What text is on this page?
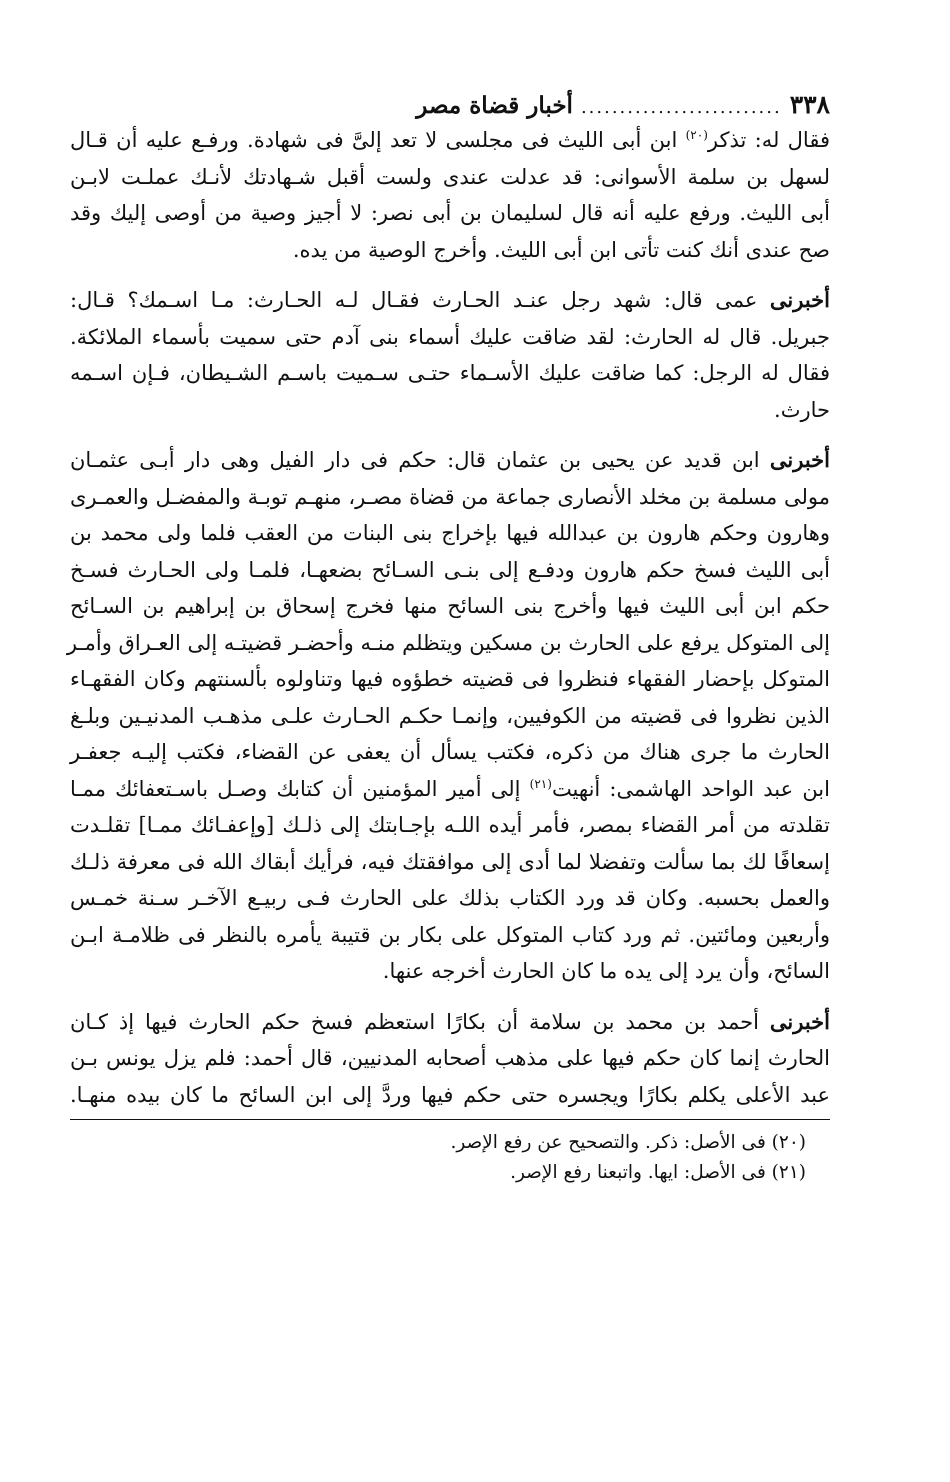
٣٣٨
..........................
أخبار قضاة مصر

فقال له: تذكر$^{(٢٠)}$ ابن أبى الليث فى مجلسى لا تعد إلىَّ فى شهادة. ورفـع عليه أن قـال
لسهل بن سلمة الأسوانى: قد عدلت عندى ولست أقبل شـهادتك لأنـك عملـت لابـن
أبى الليث. ورفع عليه أنه قال لسليمان بن أبى نصر: لا أجيز وصية من أوصى إليك وقد
صح عندى أنك كنت تأتى ابن أبى الليث. وأخرج الوصية من يده.

أخبرنى عمى قال: شهد رجل عنـد الحـارث فقـال لـه الحـارث: مـا اسـمك؟ قـال:
جبريل. قال له الحارث: لقد ضاقت عليك أسماء بنى آدم حتى سميت بأسماء الملائكة.
فقال له الرجل: كما ضاقت عليك الأسـماء حتـى سـميت باسـم الشـيطان، فـإن اسـمه
حارث.

أخبرنى ابن قديد عن يحيى بن عثمان قال: حكم فى دار الفيل وهى دار أبـى عثمـان
مولى مسلمة بن مخلد الأنصارى جماعة من قضاة مصـر، منهـم توبـة والمفضـل والعمـرى
وهارون وحكم هارون بن عبدالله فيها بإخراج بنى البنات من العقب فلما ولى محمد بن
أبى الليث فسخ حكم هارون ودفـع إلى بنـى السـائح بضعهـا، فلمـا ولى الحـارث فسـخ
حكم ابن أبى الليث فيها وأخرج بنى السائح منها فخرج إسحاق بن إبراهيم بن السـائح
إلى المتوكل يرفع على الحارث بن مسكين ويتظلم منـه وأحضـر قضيتـه إلى العـراق وأمـر
المتوكل بإحضار الفقهاء فنظروا فى قضيته خطؤوه فيها وتناولوه بألسنتهم وكان الفقهـاء
الذين نظروا فى قضيته من الكوفيين، وإنمـا حكـم الحـارث علـى مذهـب المدنيـين وبلـغ
الحارث ما جرى هناك من ذكره، فكتب يسأل أن يعفى عن القضاء، فكتب إليـه جعفـر
ابن عبد الواحد الهاشمى: أنهيت$^{(٢١)}$ إلى أمير المؤمنين أن كتابك وصـل باسـتعفائك ممـا
تقلدته من أمر القضاء بمصر، فأمر أيده اللـه بإجـابتك إلى ذلـك [وإعفـائك ممـا] تقلـدت
إسعافًا لك بما سألت وتفضلا لما أدى إلى موافقتك فيه، فرأيك أبقاك الله فى معرفة ذلـك
والعمل بحسبه. وكان قد ورد الكتاب بذلك على الحارث فـى ربيـع الآخـر سـنة خمـس
وأربعين ومائتين. ثم ورد كتاب المتوكل على بكار بن قتيبة يأمره بالنظر فى ظلامـة ابـن
السائح، وأن يرد إلى يده ما كان الحارث أخرجه عنها.

أخبرنى أحمد بن محمد بن سلامة أن بكارًا استعظم فسخ حكم الحارث فيها إذ كـان
الحارث إنما كان حكم فيها على مذهب أصحابه المدنيين، قال أحمد: فلم يزل يونس بـن
عبد الأعلى يكلم بكارًا ويجسره حتى حكم فيها وردَّ إلى ابن السائح ما كان بيده منهـا.

(٢٠) فى الأصل: ذكر. والتصحيح عن رفع الإصر.
(٢١) فى الأصل: ايها. واتبعنا رفع الإصر.
